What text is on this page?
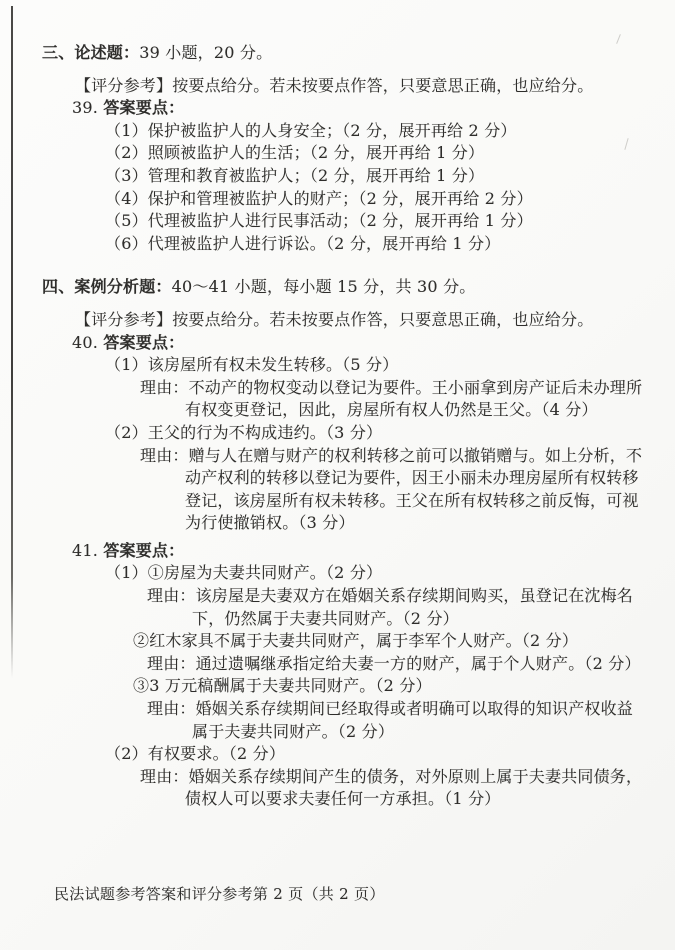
三、论述题：39 小题，20 分。
【评分参考】按要点给分。若未按要点作答，只要意思正确，也应给分。
39. 答案要点：
（1）保护被监护人的人身安全；（2 分，展开再给 2 分）
（2）照顾被监护人的生活；（2 分，展开再给 1 分）
（3）管理和教育被监护人；（2 分，展开再给 1 分）
（4）保护和管理被监护人的财产；（2 分，展开再给 2 分）
（5）代理被监护人进行民事活动；（2 分，展开再给 1 分）
（6）代理被监护人进行诉讼。（2 分，展开再给 1 分）
四、案例分析题：40～41 小题，每小题 15 分，共 30 分。
【评分参考】按要点给分。若未按要点作答，只要意思正确，也应给分。
40. 答案要点：
（1）该房屋所有权未发生转移。（5 分）
理由：不动产的物权变动以登记为要件。王小丽拿到房产证后未办理所
有权变更登记，因此，房屋所有权人仍然是王父。（4 分）
（2）王父的行为不构成违约。（3 分）
理由：赠与人在赠与财产的权利转移之前可以撤销赠与。如上分析，不
动产权利的转移以登记为要件，因王小丽未办理房屋所有权转移
登记，该房屋所有权未转移。王父在所有权转移之前反悔，可视
为行使撤销权。（3 分）
41. 答案要点：
（1）①房屋为夫妻共同财产。（2 分）
理由：该房屋是夫妻双方在婚姻关系存续期间购买，虽登记在沈梅名
下，仍然属于夫妻共同财产。（2 分）
②红木家具不属于夫妻共同财产，属于李军个人财产。（2 分）
理由：通过遗嘱继承指定给夫妻一方的财产，属于个人财产。（2 分）
③3 万元稿酬属于夫妻共同财产。（2 分）
理由：婚姻关系存续期间已经取得或者明确可以取得的知识产权收益
属于夫妻共同财产。（2 分）
（2）有权要求。（2 分）
理由：婚姻关系存续期间产生的债务，对外原则上属于夫妻共同债务，
债权人可以要求夫妻任何一方承担。（1 分）
民法试题参考答案和评分参考第 2 页（共 2 页）
